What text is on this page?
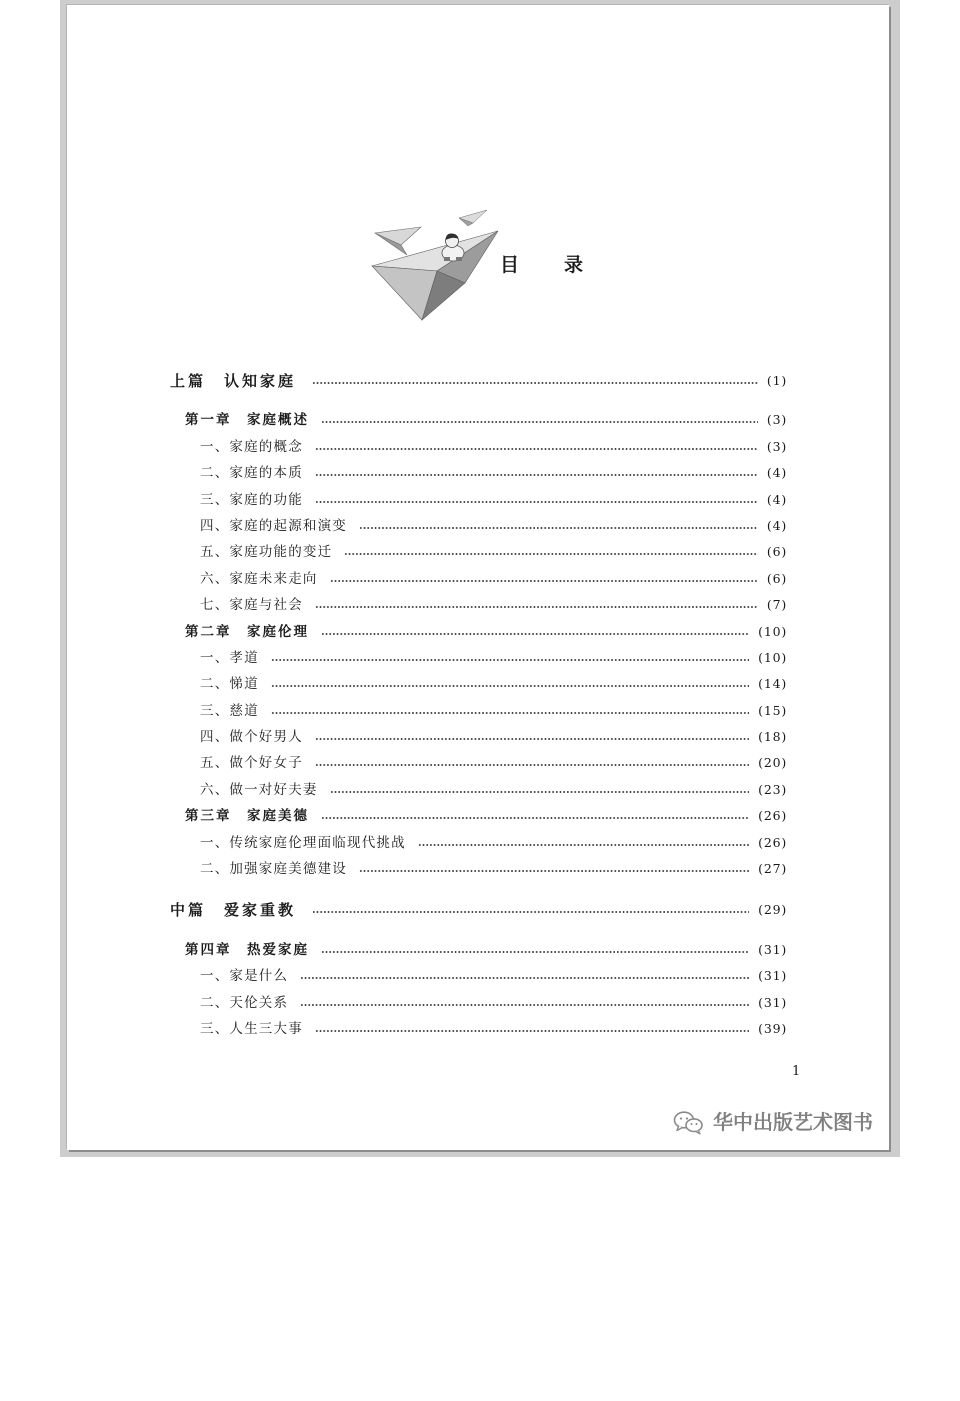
目　录
上篇　认知家庭	(1)
第一章　家庭概述	(3)
一、家庭的概念	(3)
二、家庭的本质	(4)
三、家庭的功能	(4)
四、家庭的起源和演变	(4)
五、家庭功能的变迁	(6)
六、家庭未来走向	(6)
七、家庭与社会	(7)
第二章　家庭伦理	(10)
一、孝道	(10)
二、悌道	(14)
三、慈道	(15)
四、做个好男人	(18)
五、做个好女子	(20)
六、做一对好夫妻	(23)
第三章　家庭美德	(26)
一、传统家庭伦理面临现代挑战	(26)
二、加强家庭美德建设	(27)
中篇　爱家重教	(29)
第四章　热爱家庭	(31)
一、家是什么	(31)
二、天伦关系	(31)
三、人生三大事	(39)
1
华中出版艺术图书
